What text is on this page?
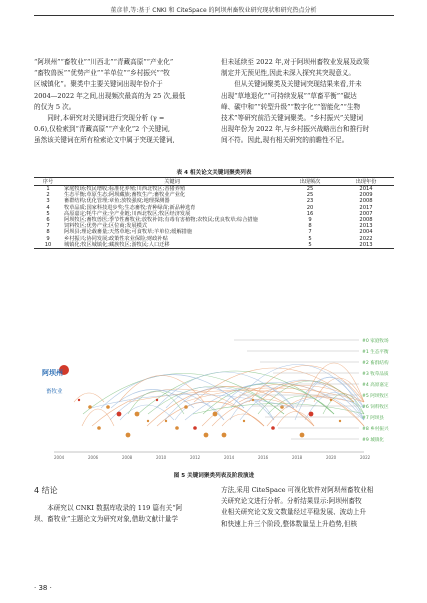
董彦菲,等:基于 CNKI 和 CiteSpace 的阿坝州畜牧业研究现状和研究热点分析

“阿坝州”“畜牧业”“川西北”“青藏高原”“产业化”

“畜牧兽医”“优势产业”“羊单位”“乡村振兴”“牧

区城镇化”。聚类中主要关键词出现年份介于

2004—2022 年之间,出现频次最高的为 25 次,最低

的仅为 5 次。

同时,本研究对关键词进行突现分析 (γ =

0.6),仅检索到“青藏高原”“产业化”2 个关键词,

虽然该关键词在所有检索论文中属于突现关键词,

但未延续至 2022 年,对于阿坝州畜牧业发展及政策

制定并无预见性,因此未深入探究其突现意义。

但从关键词聚类及关键词突现结果来看,并未

出现“草地退化”“可持续发展”“草畜平衡”“碳达

峰、碳中和”“转型升级”“数字化”“智能化”“生物

技术”等研究前沿关键词聚类。“乡村振兴”关键词

出现年份为 2022 年,与乡村振兴战略出台和推行时

间不符。因此,现有相关研究的前瞻性不足。

表 4 相关论文关键词聚类列表
序号	关键词	出现频次	出现年份
1	家庭牧场;牧民增收;标准化养殖;川西北牧区;香猪养殖	25	2014
2	生态平衡;草原生态;阿坝藏族;畜牧生产;畜牧业产业化	25	2009
3	畜群结构;优化管理;章鱼;放牧强度;地理探测器	23	2008
4	牧草品质;国家科技进步奖;生态畜牧;青种绿苗;新品种选育	20	2017
5	高原嘉定;牦牛产业;全产业链;川西北牧区;牧区经济发展	16	2007
6	阿坝牧区;畜牧兽医;季节性畜牧业;放牧补饲;有毒有害植物;农牧民;优良牧草;综合措施	9	2008
7	饲料牧区;优势产业;区位商;发展模式	8	2013
8	阿坝县;理论载畜量;天然草地;可食牧草;羊单位;缓解措施	7	2004
9	乡村振兴;协同发展;政策性农业保险;财政补贴	5	2022
10	城镇化;牧区城镇化;藏族牧区;游牧民;人口迁移	5	2013
2004	2006	2008	2010	2012	2014	2016	2018	2020	2022
阿坝州
畜牧业
#0 家庭牧场
#1 生态平衡
#2 畜群结构
#3 牧草品质
#4 高原嘉定
#5 阿坝牧区
#6 饲料牧区
#7 阿坝县
#8 乡村振兴
#9 城镇化
图 5 关键词聚类列表及阶段演进
4 结论

本研究以 CNKI 数据库收录的 119 篇有关“阿

坝、畜牧业”主题论文为研究对象,借助文献计量学

方法,采用 CiteSpace 可视化软件对阿坝州畜牧业相

关研究论文进行分析。分析结果显示:阿坝州畜牧

业相关研究论文发文数量经过平稳发展、波动上升

和快速上升三个阶段,整体数量呈上升趋势,但核

· 38 ·
